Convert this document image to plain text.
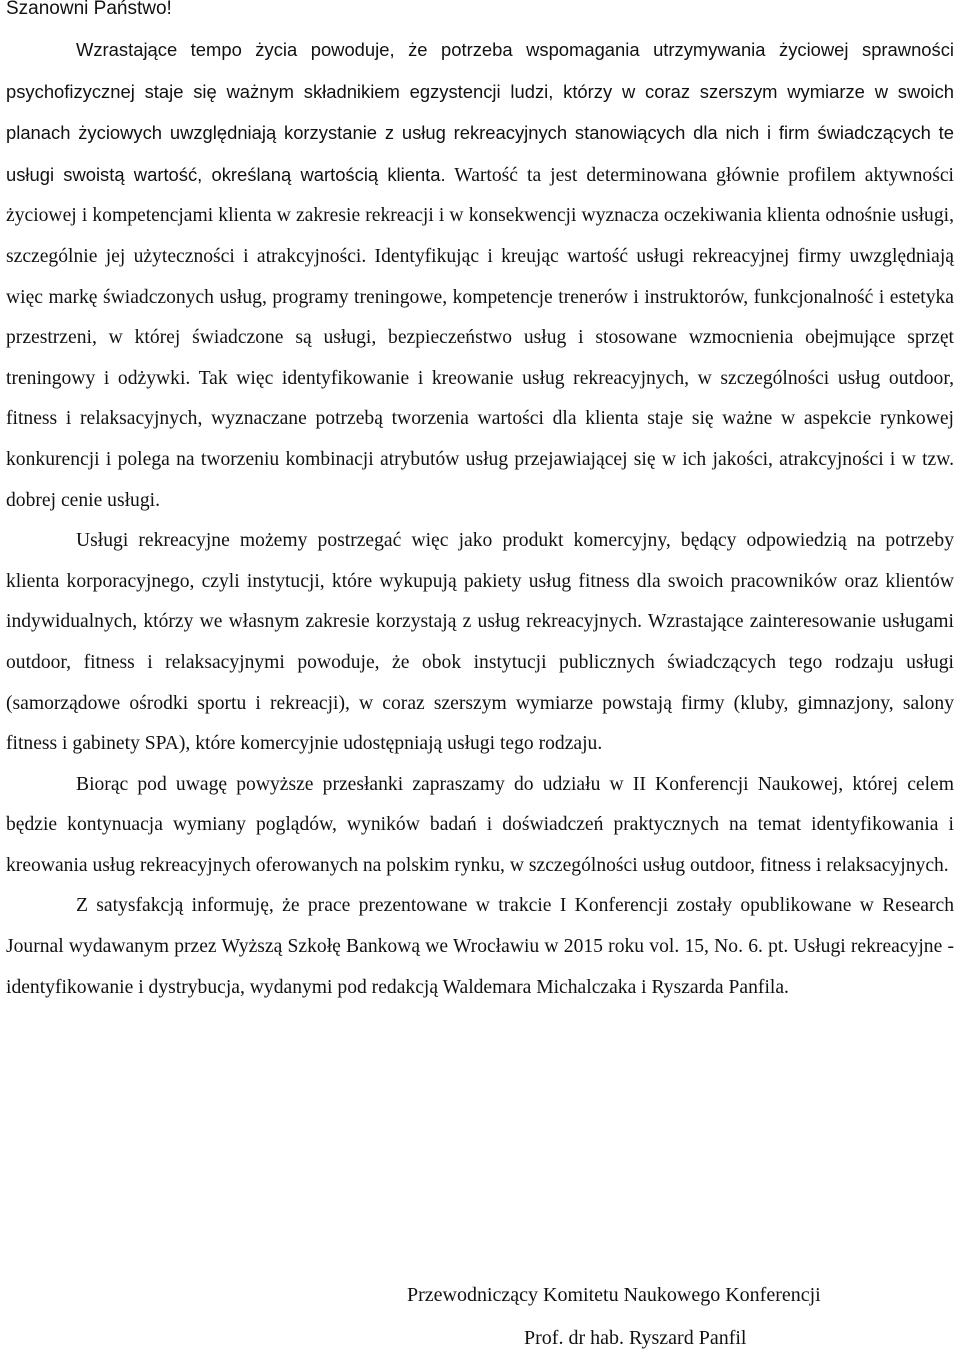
Szanowni Państwo!

Wzrastające tempo życia powoduje, że potrzeba wspomagania utrzymywania życiowej sprawności psychofizycznej staje się ważnym składnikiem egzystencji ludzi, którzy w coraz szerszym wymiarze w swoich planach życiowych uwzględniają korzystanie z usług rekreacyjnych stanowiących dla nich i firm świadczących te usługi swoistą wartość, określaną wartością klienta. Wartość ta jest determinowana głównie profilem aktywności życiowej i kompetencjami klienta w zakresie rekreacji i w konsekwencji wyznacza oczekiwania klienta odnośnie usługi, szczególnie jej użyteczności i atrakcyjności. Identyfikując i kreując wartość usługi rekreacyjnej firmy uwzględniają więc markę świadczonych usług, programy treningowe, kompetencje trenerów i instruktorów, funkcjonalność i estetyka przestrzeni, w której świadczone są usługi, bezpieczeństwo usług i stosowane wzmocnienia obejmujące sprzęt treningowy i odżywki. Tak więc identyfikowanie i kreowanie usług rekreacyjnych, w szczególności usług outdoor, fitness i relaksacyjnych, wyznaczane potrzebą tworzenia wartości dla klienta staje się ważne w aspekcie rynkowej konkurencji i polega na tworzeniu kombinacji atrybutów usług przejawiającej się w ich jakości, atrakcyjności i w tzw. dobrej cenie usługi.

Usługi rekreacyjne możemy postrzegać więc jako produkt komercyjny, będący odpowiedzią na potrzeby klienta korporacyjnego, czyli instytucji, które wykupują pakiety usług fitness dla swoich pracowników oraz klientów indywidualnych, którzy we własnym zakresie korzystają z usług rekreacyjnych. Wzrastające zainteresowanie usługami outdoor, fitness i relaksacyjnymi powoduje, że obok instytucji publicznych świadczących tego rodzaju usługi (samorządowe ośrodki sportu i rekreacji), w coraz szerszym wymiarze powstają firmy (kluby, gimnazjony, salony fitness i gabinety SPA), które komercyjnie udostępniają usługi tego rodzaju.

Biorąc pod uwagę powyższe przesłanki zapraszamy do udziału w II Konferencji Naukowej, której celem będzie kontynuacja wymiany poglądów, wyników badań i doświadczeń praktycznych na temat identyfikowania i kreowania usług rekreacyjnych oferowanych na polskim rynku, w szczególności usług outdoor, fitness i relaksacyjnych.

Z satysfakcją informuję, że prace prezentowane w trakcie I Konferencji zostały opublikowane w Research Journal wydawanym przez Wyższą Szkołę Bankową we Wrocławiu w 2015 roku vol. 15, No. 6. pt. Usługi rekreacyjne - identyfikowanie i dystrybucja, wydanymi pod redakcją Waldemara Michalczaka i Ryszarda Panfila.

Przewodniczący Komitetu Naukowego Konferencji

Prof. dr hab. Ryszard Panfil
